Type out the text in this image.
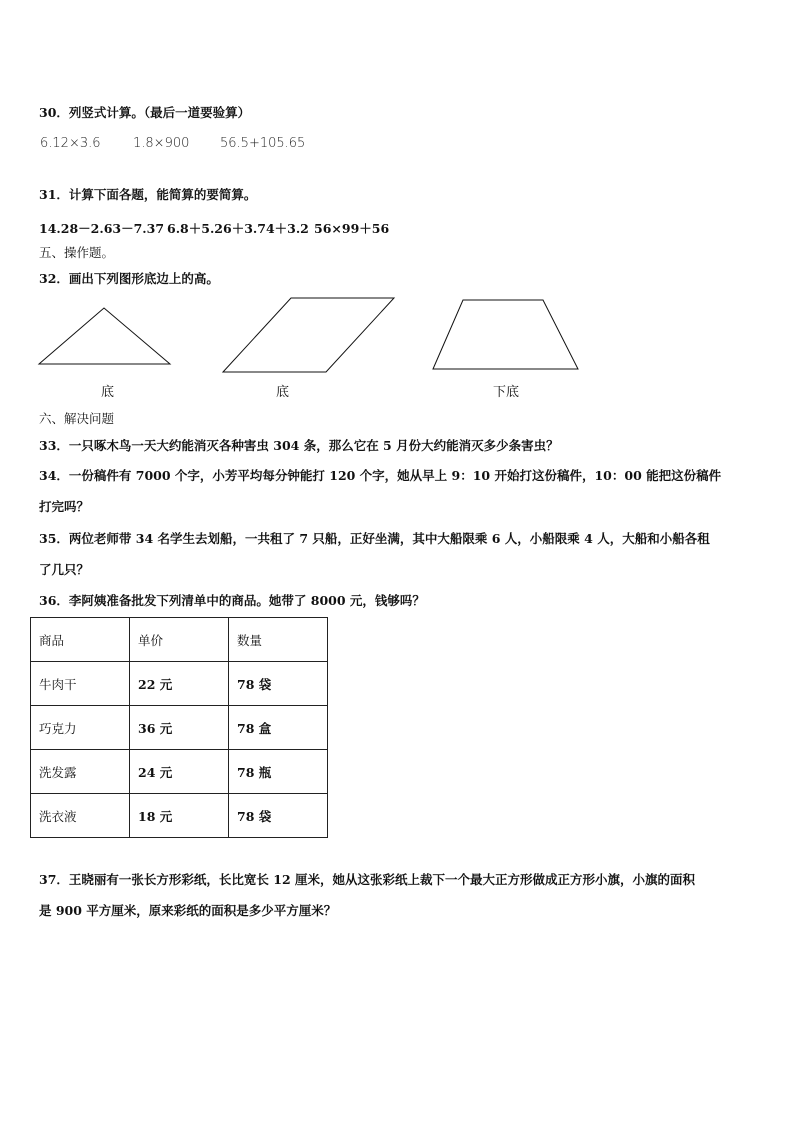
30．列竖式计算。（最后一道要验算）
6.12×3.6 1.8×900 56.5+105.65
31．计算下面各题，能简算的要简算。
14.28－2.63－7.37 6.8＋5.26＋3.74＋3.2 56×99＋56
五、操作题。
32．画出下列图形底边上的高。
底	底	下底
六、解决问题
33．一只啄木鸟一天大约能消灭各种害虫 304 条，那么它在 5 月份大约能消灭多少条害虫？
34．一份稿件有 7000 个字，小芳平均每分钟能打 120 个字，她从早上 9：10 开始打这份稿件，10：00 能把这份稿件
打完吗？
35．两位老师带 34 名学生去划船，一共租了 7 只船，正好坐满，其中大船限乘 6 人，小船限乘 4 人，大船和小船各租
了几只？
36．李阿姨准备批发下列清单中的商品。她带了 8000 元，钱够吗？
商品	单价	数量
牛肉干	22 元	78 袋
巧克力	36 元	78 盒
洗发露	24 元	78 瓶
洗衣液	18 元	78 袋
37．王晓丽有一张长方形彩纸，长比宽长 12 厘米，她从这张彩纸上裁下一个最大正方形做成正方形小旗，小旗的面积
是 900 平方厘米，原来彩纸的面积是多少平方厘米？
